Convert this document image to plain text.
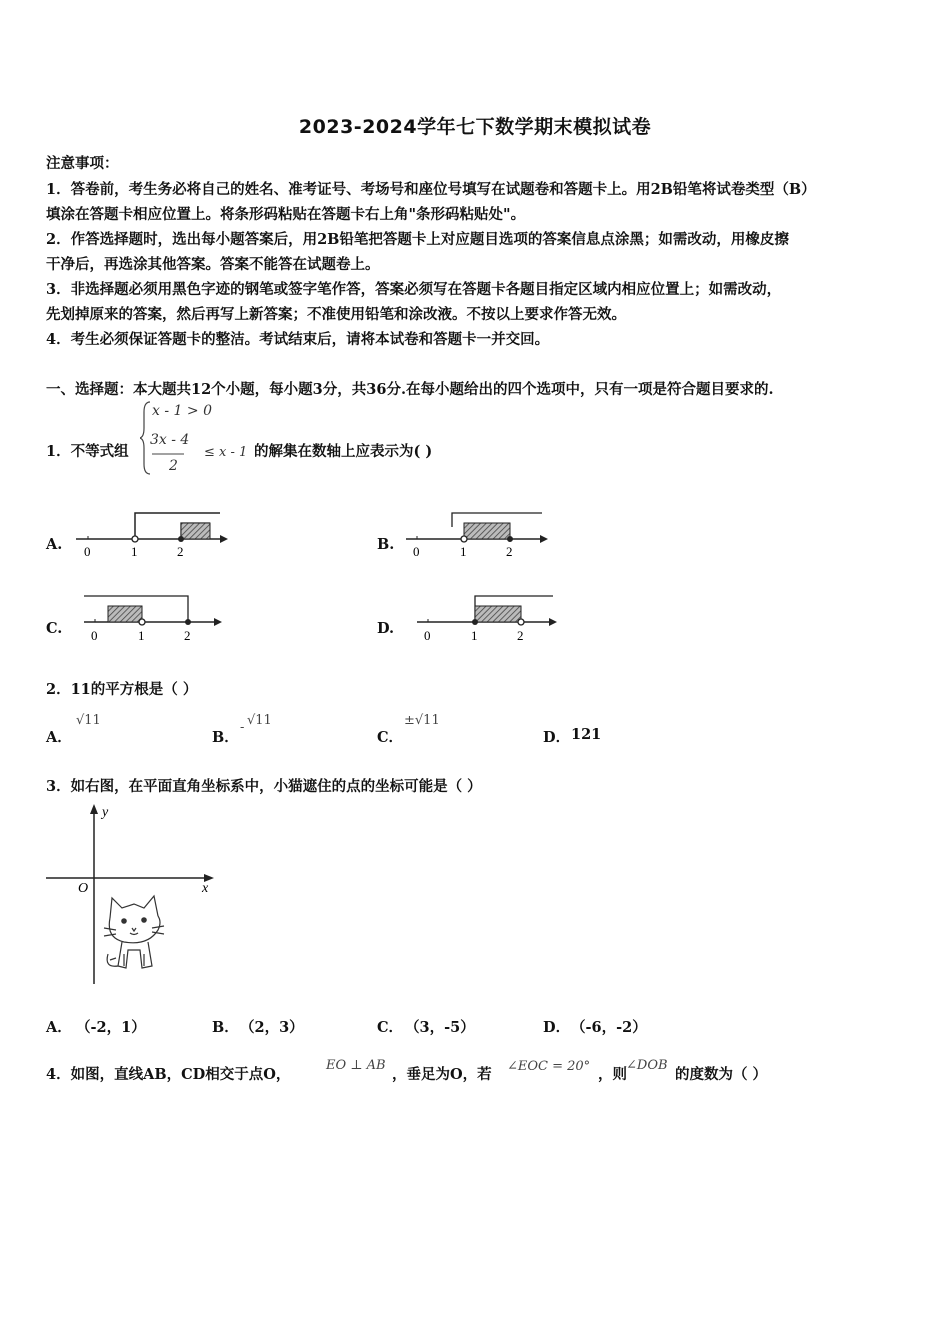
2023-2024学年七下数学期末模拟试卷
注意事项：
1．答卷前，考生务必将自己的姓名、准考证号、考场号和座位号填写在试题卷和答题卡上。用2B铅笔将试卷类型（B）
填涂在答题卡相应位置上。将条形码粘贴在答题卡右上角"条形码粘贴处"。
2．作答选择题时，选出每小题答案后，用2B铅笔把答题卡上对应题目选项的答案信息点涂黑；如需改动，用橡皮擦
干净后，再选涂其他答案。答案不能答在试题卷上。
3．非选择题必须用黑色字迹的钢笔或签字笔作答，答案必须写在答题卡各题目指定区域内相应位置上；如需改动，
先划掉原来的答案，然后再写上新答案；不准使用铅笔和涂改液。不按以上要求作答无效。
4．考生必须保证答题卡的整洁。考试结束后，请将本试卷和答题卡一并交回。
一、选择题：本大题共12个小题，每小题3分，共36分.在每小题给出的四个选项中，只有一项是符合题目要求的.
1．不等式组
x - 1 > 0
3x - 4
2
≤ x - 1 的解集在数轴上应表示为( )
A. 0	1	2	B. 0	1	2
C. 0	1	2	D. 0	1	2
2．11的平方根是（ ）
A．
√11
B．
- √11
C．
±√11
D． 121
3．如右图，在平面直角坐标系中，小猫遮住的点的坐标可能是（ ）
y
x
O
A． （-2，1）	B． （2，3）	C． （3，-5）	D． （-6，-2）
4．如图，直线AB，CD相交于点O，
EO ⊥ AB
，垂足为O，若 ∠EOC = 20° ，则
∠DOB
的度数为（ ）
